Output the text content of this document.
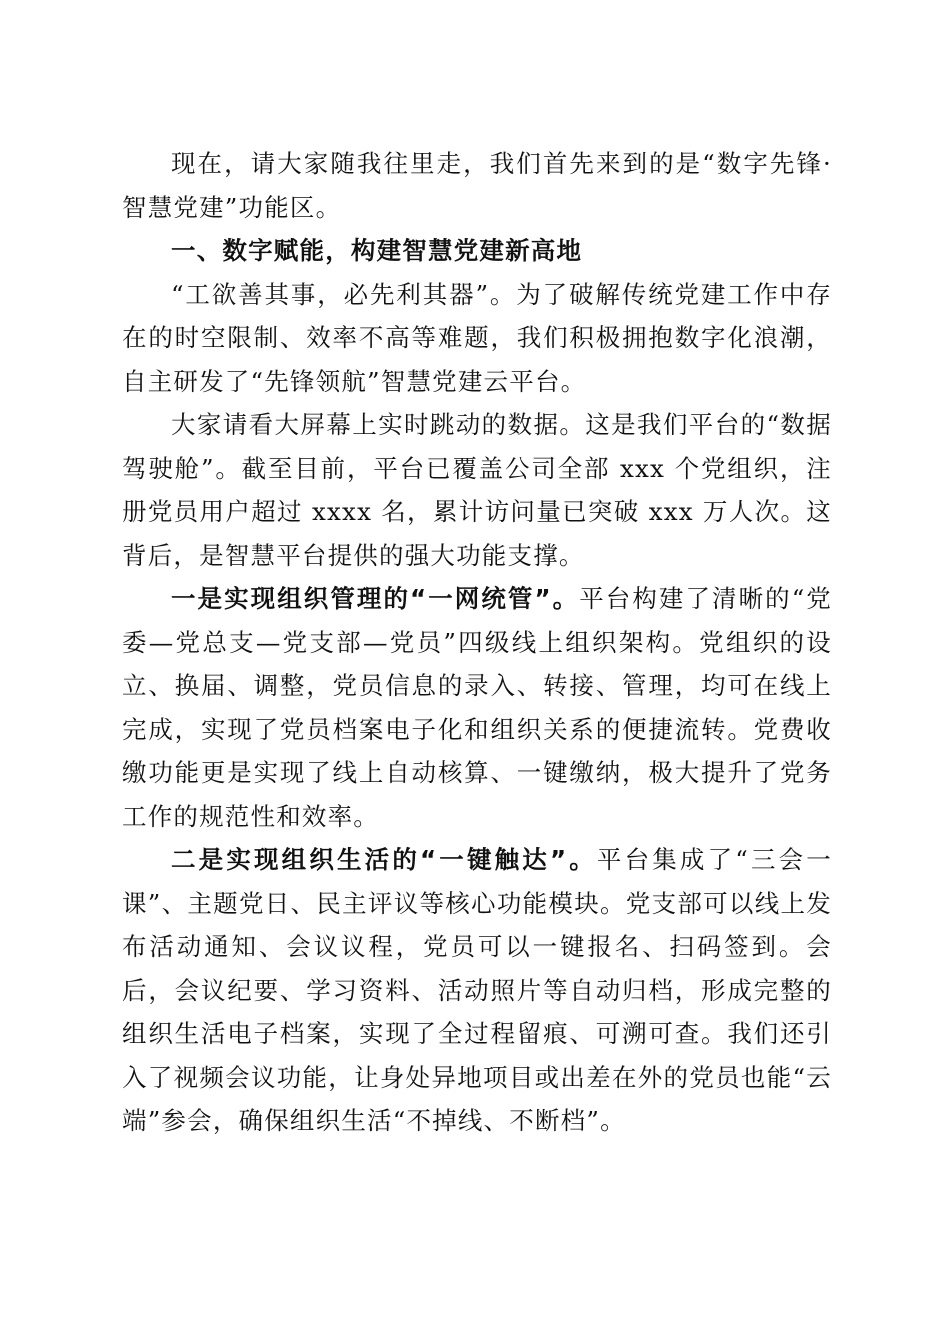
现在，请大家随我往里走，我们首先来到的是“数字先锋·智慧党建”功能区。

一、数字赋能，构建智慧党建新高地

“工欲善其事，必先利其器”。为了破解传统党建工作中存在的时空限制、效率不高等难题，我们积极拥抱数字化浪潮，自主研发了“先锋领航”智慧党建云平台。

大家请看大屏幕上实时跳动的数据。这是我们平台的“数据驾驶舱”。截至目前，平台已覆盖公司全部 xxx 个党组织，注册党员用户超过 xxxx 名，累计访问量已突破 xxx 万人次。这背后，是智慧平台提供的强大功能支撑。

一是实现组织管理的“一网统管”。平台构建了清晰的“党委—党总支—党支部—党员”四级线上组织架构。党组织的设立、换届、调整，党员信息的录入、转接、管理，均可在线上完成，实现了党员档案电子化和组织关系的便捷流转。党费收缴功能更是实现了线上自动核算、一键缴纳，极大提升了党务工作的规范性和效率。

二是实现组织生活的“一键触达”。平台集成了“三会一课”、主题党日、民主评议等核心功能模块。党支部可以线上发布活动通知、会议议程，党员可以一键报名、扫码签到。会后，会议纪要、学习资料、活动照片等自动归档，形成完整的组织生活电子档案，实现了全过程留痕、可溯可查。我们还引入了视频会议功能，让身处异地项目或出差在外的党员也能“云端”参会，确保组织生活“不掉线、不断档”。
